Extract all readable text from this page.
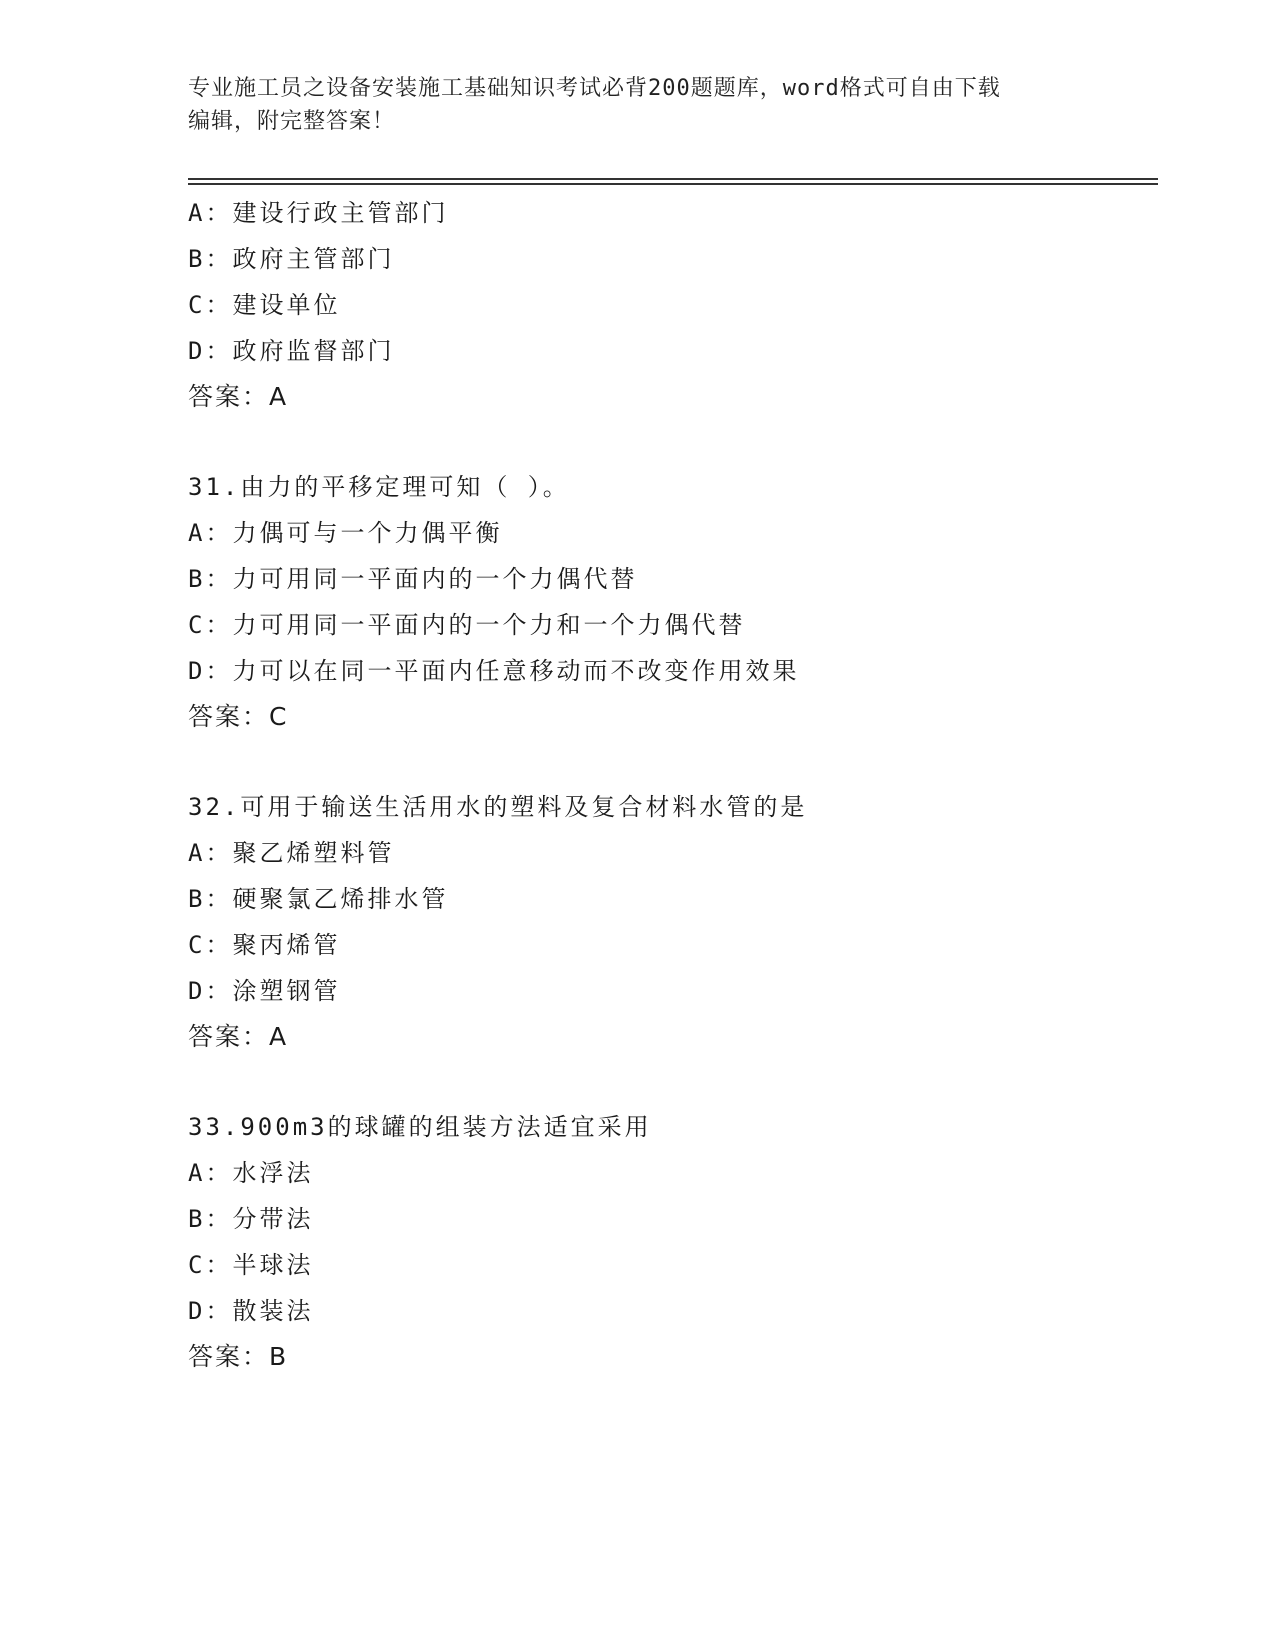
专业施工员之设备安装施工基础知识考试必背200题题库，word格式可自由下载
编辑，附完整答案！
A：建设行政主管部门
B：政府主管部门
C：建设单位
D：政府监督部门
答案：A
31.由力的平移定理可知（ ）。
A：力偶可与一个力偶平衡
B：力可用同一平面内的一个力偶代替
C：力可用同一平面内的一个力和一个力偶代替
D：力可以在同一平面内任意移动而不改变作用效果
答案：C
32.可用于输送生活用水的塑料及复合材料水管的是
A：聚乙烯塑料管
B：硬聚氯乙烯排水管
C：聚丙烯管
D：涂塑钢管
答案：A
33.900m3的球罐的组装方法适宜采用
A：水浮法
B：分带法
C：半球法
D：散装法
答案：B
